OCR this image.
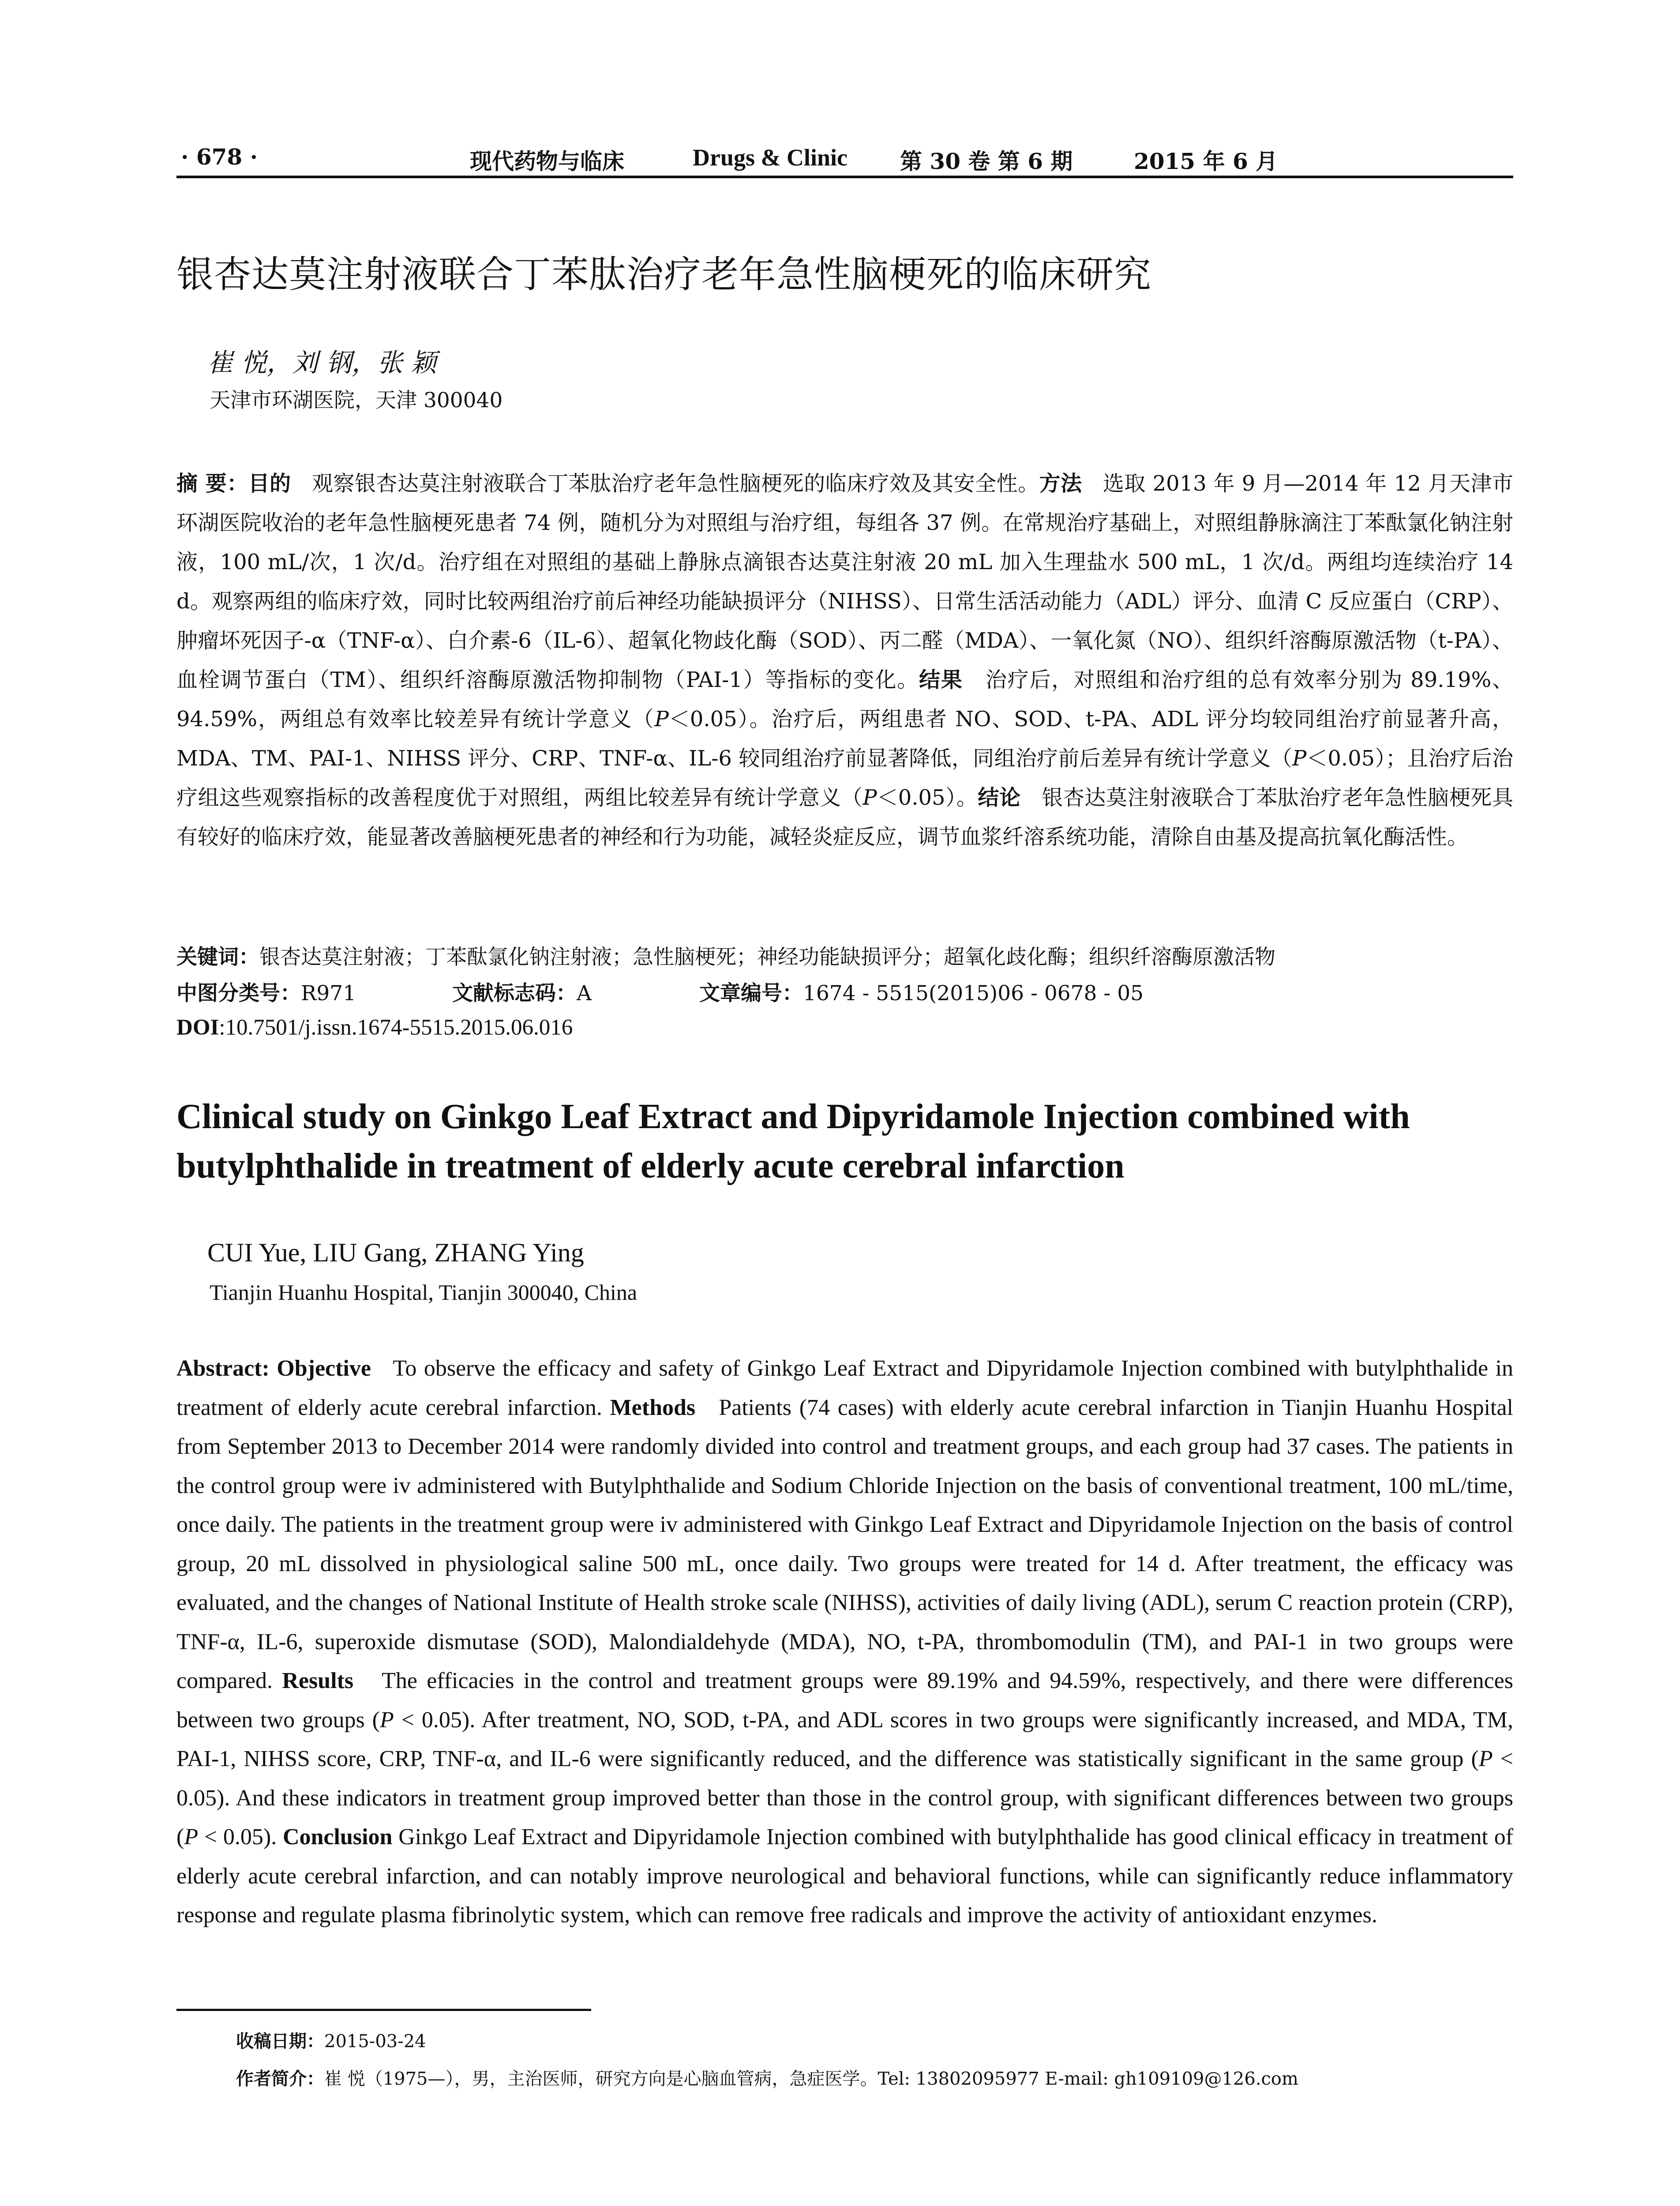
· 678 ·	现代药物与临床	Drugs & Clinic 第 30 卷 第 6 期	2015 年 6 月
银杏达莫注射液联合丁苯肽治疗老年急性脑梗死的临床研究
崔 悦，刘 钢，张 颖
天津市环湖医院，天津 300040
摘 要：目的 观察银杏达莫注射液联合丁苯肽治疗老年急性脑梗死的临床疗效及其安全性。方法 选取 2013 年 9 月—2014 年 12 月天津市环湖医院收治的老年急性脑梗死患者 74 例，随机分为对照组与治疗组，每组各 37 例。在常规治疗基础上，对照组静脉滴注丁苯酞氯化钠注射液，100 mL/次，1 次/d。治疗组在对照组的基础上静脉点滴银杏达莫注射液 20 mL 加入生理盐水 500 mL，1 次/d。两组均连续治疗 14 d。观察两组的临床疗效，同时比较两组治疗前后神经功能缺损评分（NIHSS）、日常生活活动能力（ADL）评分、血清 C 反应蛋白（CRP）、肿瘤坏死因子-α（TNF-α）、白介素-6（IL-6）、超氧化物歧化酶（SOD）、丙二醛（MDA）、一氧化氮（NO）、组织纤溶酶原激活物（t-PA）、血栓调节蛋白（TM）、组织纤溶酶原激活物抑制物（PAI-1）等指标的变化。结果 治疗后，对照组和治疗组的总有效率分别为 89.19%、94.59%，两组总有效率比较差异有统计学意义（P＜0.05）。治疗后，两组患者 NO、SOD、t-PA、ADL 评分均较同组治疗前显著升高，MDA、TM、PAI-1、NIHSS 评分、CRP、TNF-α、IL-6 较同组治疗前显著降低，同组治疗前后差异有统计学意义（P＜0.05）；且治疗后治疗组这些观察指标的改善程度优于对照组，两组比较差异有统计学意义（P＜0.05）。结论 银杏达莫注射液联合丁苯肽治疗老年急性脑梗死具有较好的临床疗效，能显著改善脑梗死患者的神经和行为功能，减轻炎症反应，调节血浆纤溶系统功能，清除自由基及提高抗氧化酶活性。
关键词：银杏达莫注射液；丁苯酞氯化钠注射液；急性脑梗死；神经功能缺损评分；超氧化歧化酶；组织纤溶酶原激活物
中图分类号：R971	文献标志码：A	文章编号：1674 - 5515(2015)06 - 0678 - 05
DOI:10.7501/j.issn.1674-5515.2015.06.016
Clinical study on Ginkgo Leaf Extract and Dipyridamole Injection combined with butylphthalide in treatment of elderly acute cerebral infarction
CUI Yue, LIU Gang, ZHANG Ying
Tianjin Huanhu Hospital, Tianjin 300040, China
Abstract: Objective To observe the efficacy and safety of Ginkgo Leaf Extract and Dipyridamole Injection combined with butylphthalide in treatment of elderly acute cerebral infarction. Methods Patients (74 cases) with elderly acute cerebral infarction in Tianjin Huanhu Hospital from September 2013 to December 2014 were randomly divided into control and treatment groups, and each group had 37 cases. The patients in the control group were iv administered with Butylphthalide and Sodium Chloride Injection on the basis of conventional treatment, 100 mL/time, once daily. The patients in the treatment group were iv administered with Ginkgo Leaf Extract and Dipyridamole Injection on the basis of control group, 20 mL dissolved in physiological saline 500 mL, once daily. Two groups were treated for 14 d. After treatment, the efficacy was evaluated, and the changes of National Institute of Health stroke scale (NIHSS), activities of daily living (ADL), serum C reaction protein (CRP), TNF-α, IL-6, superoxide dismutase (SOD), Malondialdehyde (MDA), NO, t-PA, thrombomodulin (TM), and PAI-1 in two groups were compared. Results The efficacies in the control and treatment groups were 89.19% and 94.59%, respectively, and there were differences between two groups (P < 0.05). After treatment, NO, SOD, t-PA, and ADL scores in two groups were significantly increased, and MDA, TM, PAI-1, NIHSS score, CRP, TNF-α, and IL-6 were significantly reduced, and the difference was statistically significant in the same group (P < 0.05). And these indicators in treatment group improved better than those in the control group, with significant differences between two groups (P < 0.05). Conclusion Ginkgo Leaf Extract and Dipyridamole Injection combined with butylphthalide has good clinical efficacy in treatment of elderly acute cerebral infarction, and can notably improve neurological and behavioral functions, while can significantly reduce inflammatory response and regulate plasma fibrinolytic system, which can remove free radicals and improve the activity of antioxidant enzymes.
收稿日期：2015-03-24
作者简介：崔 悦（1975—），男，主治医师，研究方向是心脑血管病，急症医学。Tel: 13802095977 E-mail: gh109109@126.com
